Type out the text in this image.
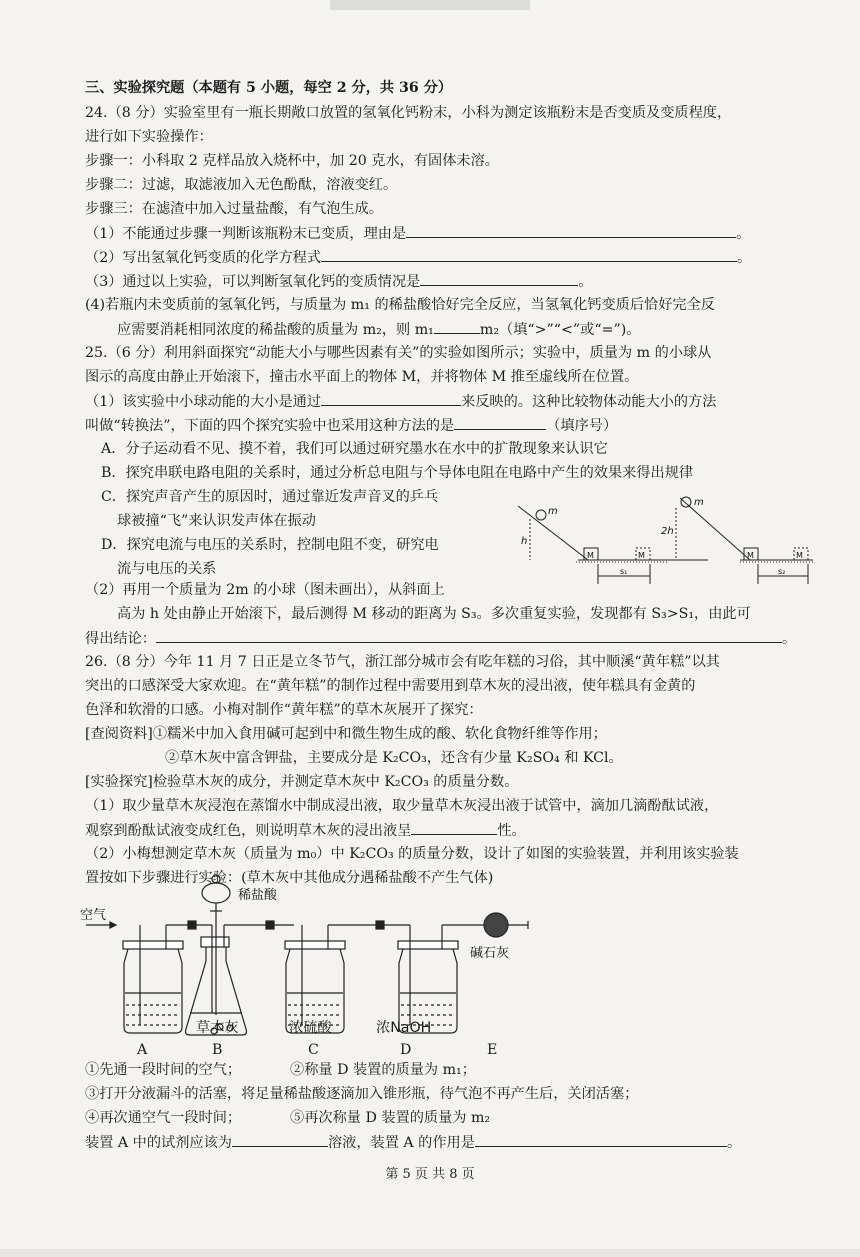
三、实验探究题（本题有 5 小题，每空 2 分，共 36 分）
24.（8 分）实验室里有一瓶长期敞口放置的氢氧化钙粉末，小科为测定该瓶粉末是否变质及变质程度，
进行如下实验操作：
步骤一：小科取 2 克样品放入烧杯中，加 20 克水，有固体未溶。
步骤二：过滤，取滤液加入无色酚酞，溶液变红。
步骤三：在滤渣中加入过量盐酸，有气泡生成。
（1）不能通过步骤一判断该瓶粉末已变质，理由是	。
（2）写出氢氧化钙变质的化学方程式	。
（3）通过以上实验，可以判断氢氧化钙的变质情况是	。
(4)若瓶内未变质前的氢氧化钙，与质量为 m₁ 的稀盐酸恰好完全反应，当氢氧化钙变质后恰好完全反
应需要消耗相同浓度的稀盐酸的质量为 m₂，则 m₁	m₂（填“>”“<”或“=”)。
25.（6 分）利用斜面探究“动能大小与哪些因素有关”的实验如图所示；实验中，质量为 m 的小球从
图示的高度由静止开始滚下，撞击水平面上的物体 M，并将物体 M 推至虚线所在位置。
（1）该实验中小球动能的大小是通过	来反映的。这种比较物体动能大小的方法
叫做“转换法”，下面的四个探究实验中也采用这种方法的是	（填序号）
A．分子运动看不见、摸不着，我们可以通过研究墨水在水中的扩散现象来认识它
B．探究串联电路电阻的关系时，通过分析总电阻与个导体电阻在电路中产生的效果来得出规律
C．探究声音产生的原因时，通过靠近发声音叉的乒乓
球被撞“飞”来认识发声体在振动
D．探究电流与电压的关系时，控制电阻不变，研究电
流与电压的关系
m
h
M	M
s₁
m
2h
M	M
s₂
（2）再用一个质量为 2m 的小球（图未画出），从斜面上
高为 h 处由静止开始滚下，最后测得 M 移动的距离为 S₃。多次重复实验，发现都有 S₃>S₁，由此可
得出结论：	。
26.（8 分）今年 11 月 7 日正是立冬节气，浙江部分城市会有吃年糕的习俗，其中顺溪“黄年糕”以其
突出的口感深受大家欢迎。在“黄年糕”的制作过程中需要用到草木灰的浸出液，使年糕具有金黄的
色泽和软滑的口感。小梅对制作“黄年糕”的草木灰展开了探究：
[查阅资料]①糯米中加入食用碱可起到中和微生物生成的酸、软化食物纤维等作用；
②草木灰中富含钾盐，主要成分是 K₂CO₃，还含有少量 K₂SO₄ 和 KCl。
[实验探究]检验草木灰的成分，并测定草木灰中 K₂CO₃ 的质量分数。
（1）取少量草木灰浸泡在蒸馏水中制成浸出液，取少量草木灰浸出液于试管中，滴加几滴酚酞试液，
观察到酚酞试液变成红色，则说明草木灰的浸出液呈	性。
（2）小梅想测定草木灰（质量为 m₀）中 K₂CO₃ 的质量分数，设计了如图的实验装置，并利用该实验装
置按如下步骤进行实验：(草木灰中其他成分遇稀盐酸不产生气体)
空气
稀盐酸
碱石灰
草木灰	浓硫酸	浓NaOH
A	B	C	D	E
①先通一段时间的空气；	②称量 D 装置的质量为 m₁；
③打开分液漏斗的活塞，将足量稀盐酸逐滴加入锥形瓶，待气泡不再产生后，关闭活塞；
④再次通空气一段时间；	⑤再次称量 D 装置的质量为 m₂
装置 A 中的试剂应该为	溶液，装置 A 的作用是	。
第 5 页 共 8 页
